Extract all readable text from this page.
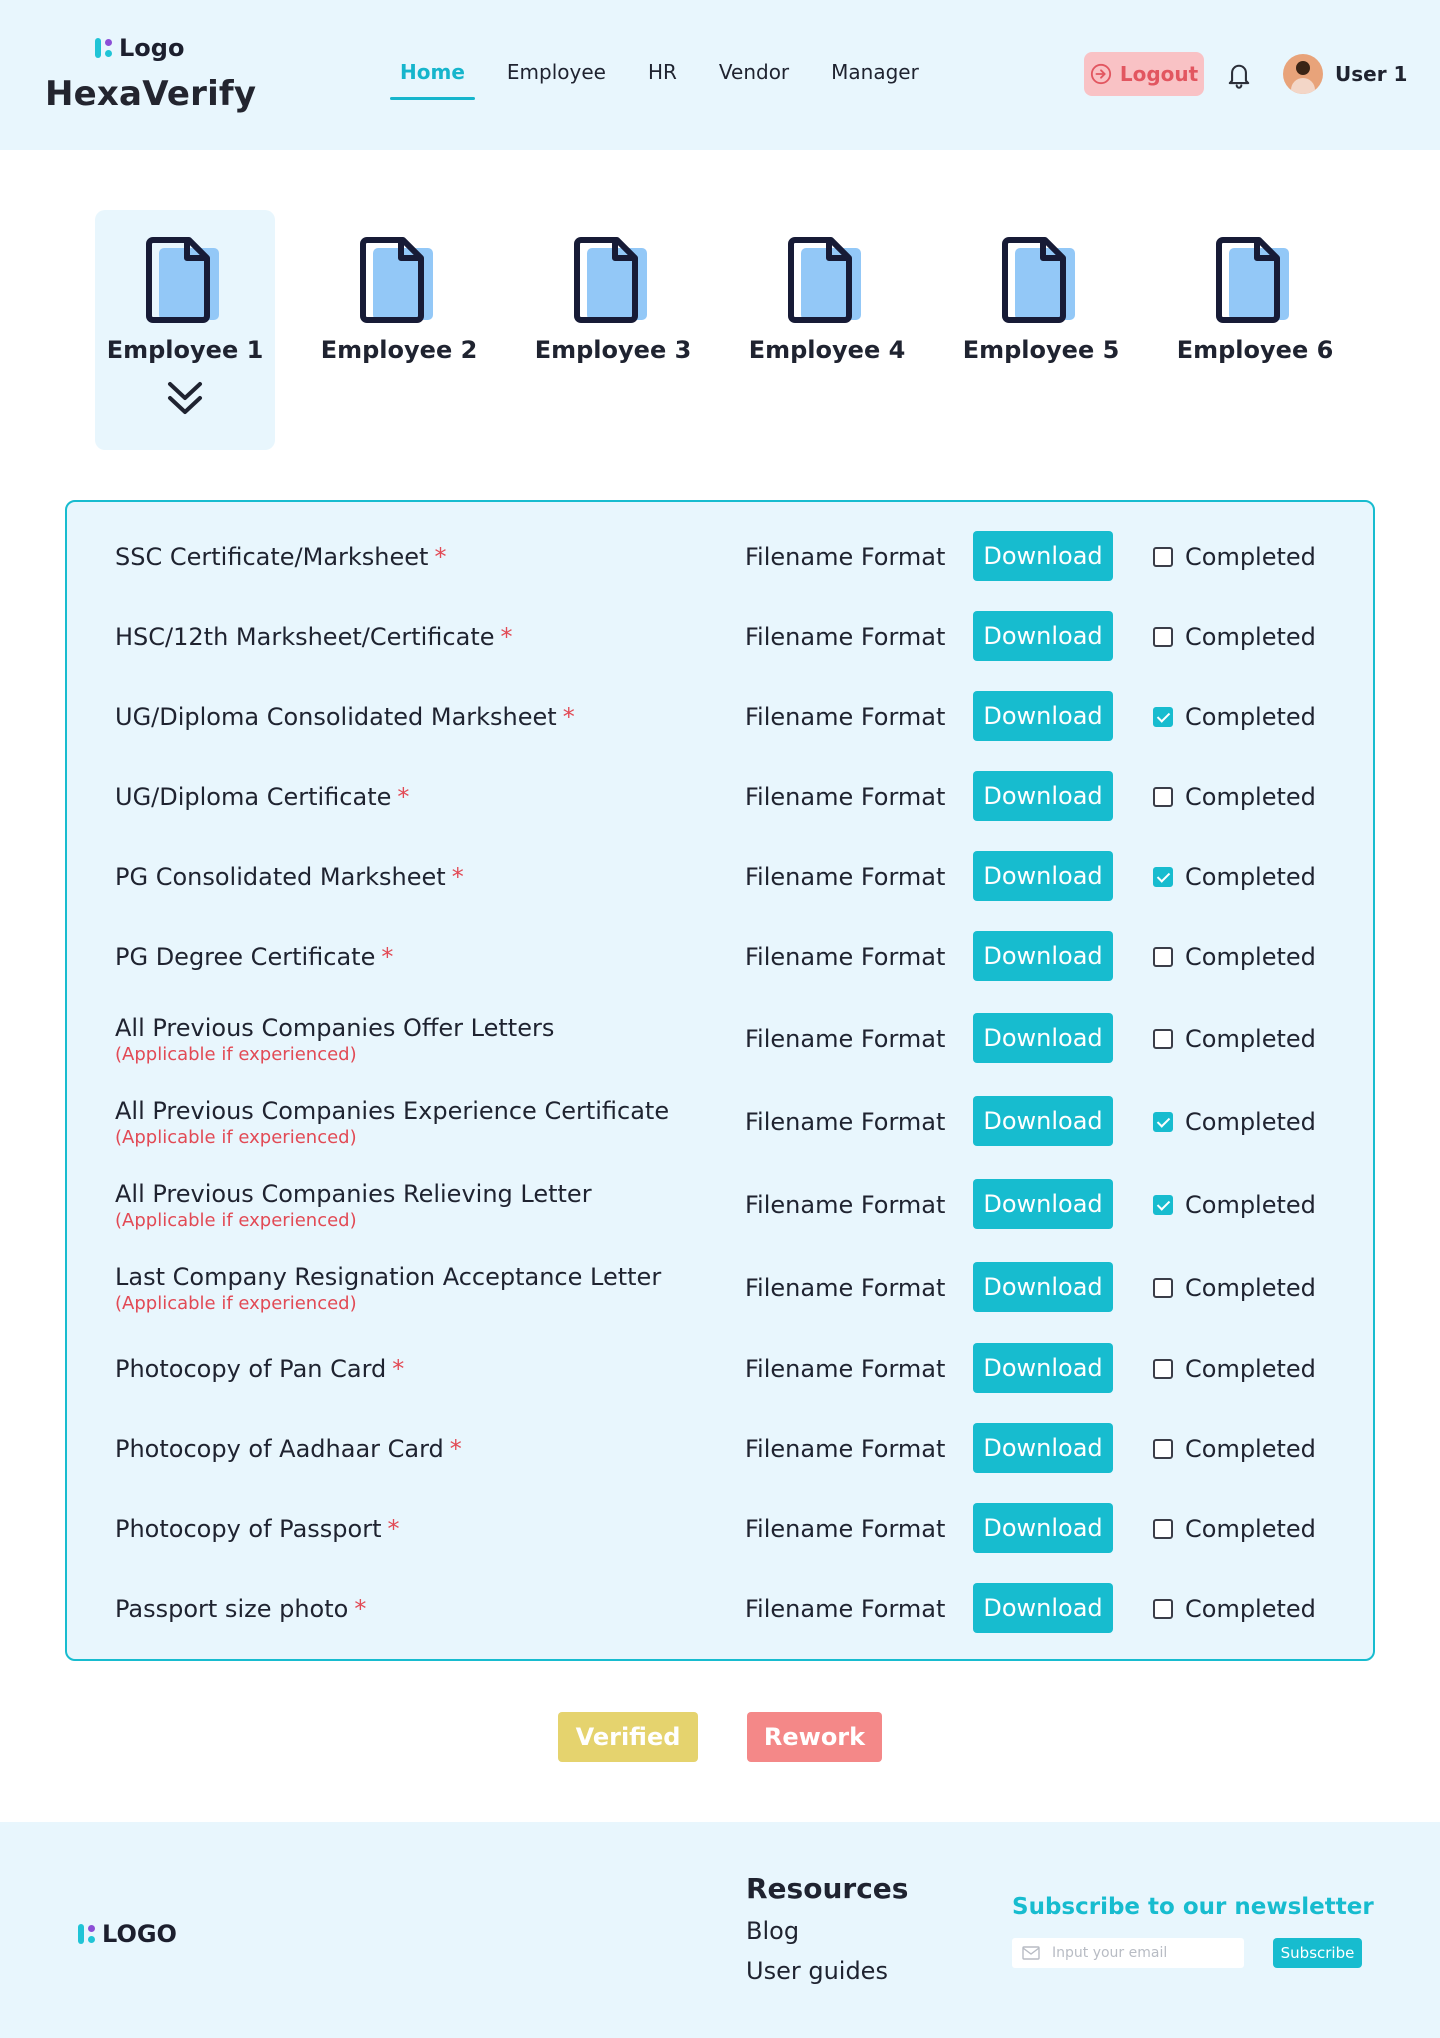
Logo
HexaVerify
Home Employee HR Vendor Manager	Logout	User 1
Employee 1 Employee 2 Employee 3 Employee 4 Employee 5 Employee 6
SSC Certificate/Marksheet *	Filename Format	Download	Completed
HSC/12th Marksheet/Certificate *	Filename Format	Download	Completed
UG/Diploma Consolidated Marksheet *	Filename Format	Download	Completed
UG/Diploma Certificate *	Filename Format	Download	Completed
PG Consolidated Marksheet *	Filename Format	Download	Completed
PG Degree Certificate *	Filename Format	Download	Completed
All Previous Companies Offer Letters
(Applicable if experienced)
Filename Format	Download	Completed
All Previous Companies Experience Certificate
(Applicable if experienced)
Filename Format	Download	Completed
All Previous Companies Relieving Letter
(Applicable if experienced)
Filename Format	Download	Completed
Last Company Resignation Acceptance Letter
(Applicable if experienced)
Filename Format	Download	Completed
Photocopy of Pan Card *	Filename Format	Download	Completed
Photocopy of Aadhaar Card *	Filename Format	Download	Completed
Photocopy of Passport *	Filename Format	Download	Completed
Passport size photo *	Filename Format	Download	Completed
Verified	Rework
LOGO
Resources
Blog
User guides
Subscribe to our newsletter
Input your email
Subscribe
